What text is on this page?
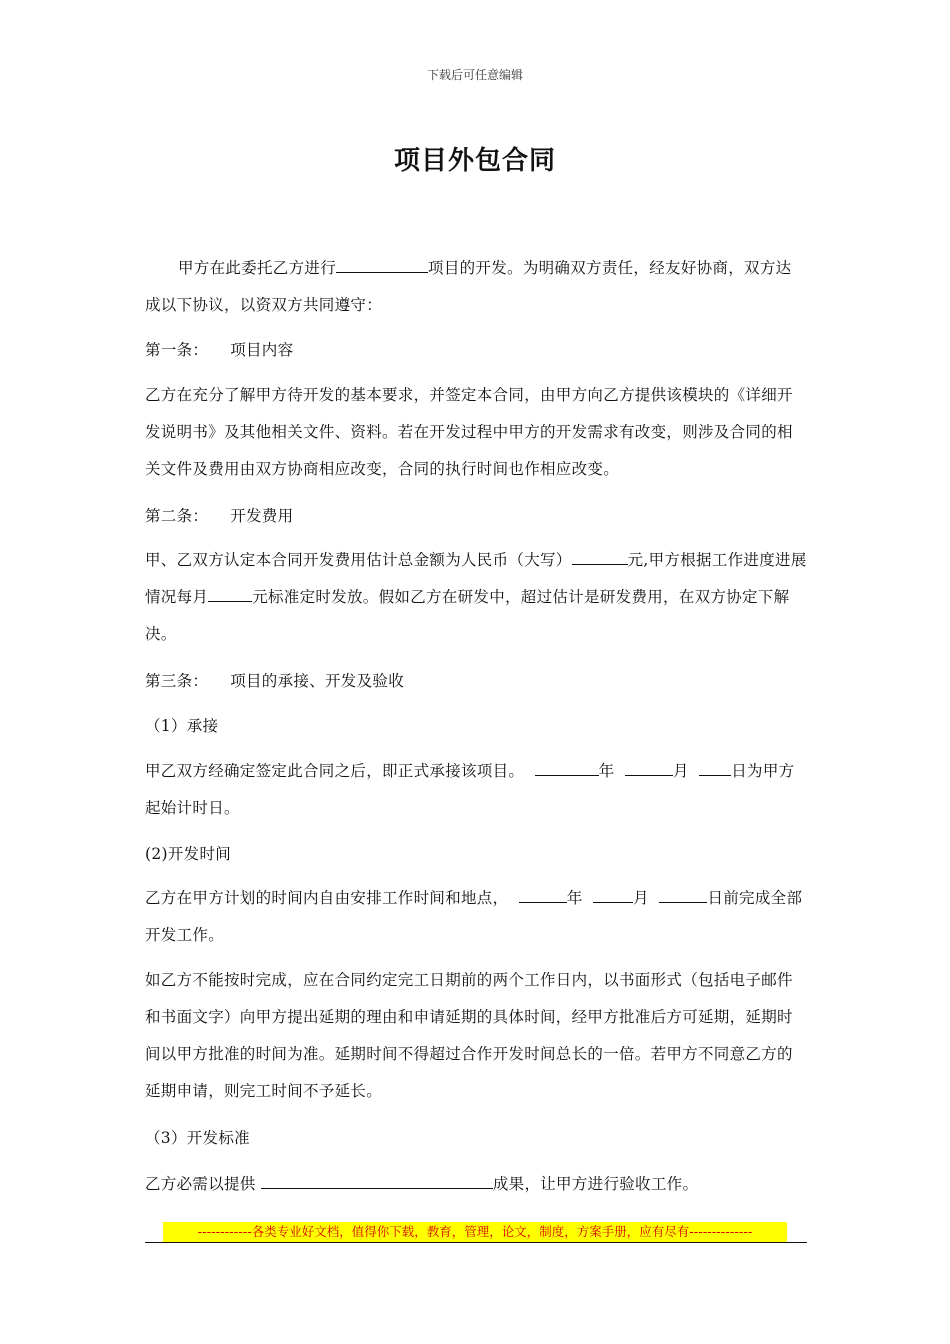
下载后可任意编辑
项目外包合同
甲方在此委托乙方进行	项目的开发。为明确双方责任，经友好协商，双方达成以下协议，以资双方共同遵守：
第一条： 项目内容
乙方在充分了解甲方待开发的基本要求，并签定本合同，由甲方向乙方提供该模块的《详细开发说明书》及其他相关文件、资料。若在开发过程中甲方的开发需求有改变，则涉及合同的相关文件及费用由双方协商相应改变，合同的执行时间也作相应改变。
第二条： 开发费用
甲、乙双方认定本合同开发费用估计总金额为人民币（大写）	元,甲方根据工作进度进展情况每月	元标准定时发放。假如乙方在研发中，超过估计是研发费用，在双方协定下解决。
第三条： 项目的承接、开发及验收
（1）承接
甲乙双方经确定签定此合同之后，即正式承接该项目。	年	月	日为甲方起始计时日。
(2)开发时间
乙方在甲方计划的时间内自由安排工作时间和地点，	年	月	日前完成全部开发工作。
如乙方不能按时完成，应在合同约定完工日期前的两个工作日内，以书面形式（包括电子邮件和书面文字）向甲方提出延期的理由和申请延期的具体时间，经甲方批准后方可延期，延期时间以甲方批准的时间为准。延期时间不得超过合作开发时间总长的一倍。若甲方不同意乙方的延期申请，则完工时间不予延长。
（3）开发标准
乙方必需以提供	成果，让甲方进行验收工作。
------------各类专业好文档，值得你下载，教育，管理，论文，制度，方案手册，应有尽有--------------
